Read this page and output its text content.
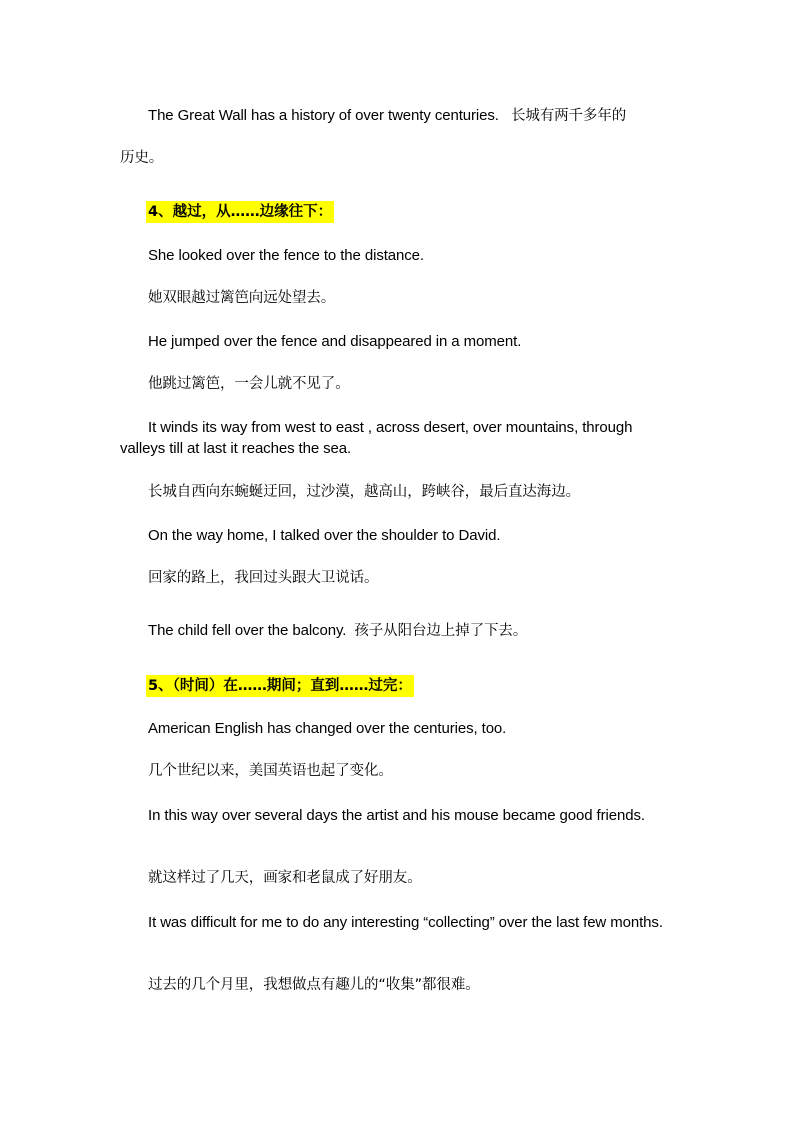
The Great Wall has a history of over twenty centuries. 长城有两千多年的
历史。
4、越过，从……边缘往下：
She looked over the fence to the distance.
她双眼越过篱笆向远处望去。
He jumped over the fence and disappeared in a moment.
他跳过篱笆，一会儿就不见了。
It winds its way from west to east , across desert, over mountains, through valleys till at last it reaches the sea.
长城自西向东蜿蜒迂回，过沙漠，越高山，跨峡谷，最后直达海边。
On the way home, I talked over the shoulder to David.
回家的路上，我回过头跟大卫说话。
The child fell over the balcony. 孩子从阳台边上掉了下去。
5、（时间）在……期间；直到……过完：
American English has changed over the centuries, too.
几个世纪以来，美国英语也起了变化。
In this way over several days the artist and his mouse became good friends.
就这样过了几天，画家和老鼠成了好朋友。
It was difficult for me to do any interesting “collecting” over the last few months.
过去的几个月里，我想做点有趣儿的“收集”都很难。
